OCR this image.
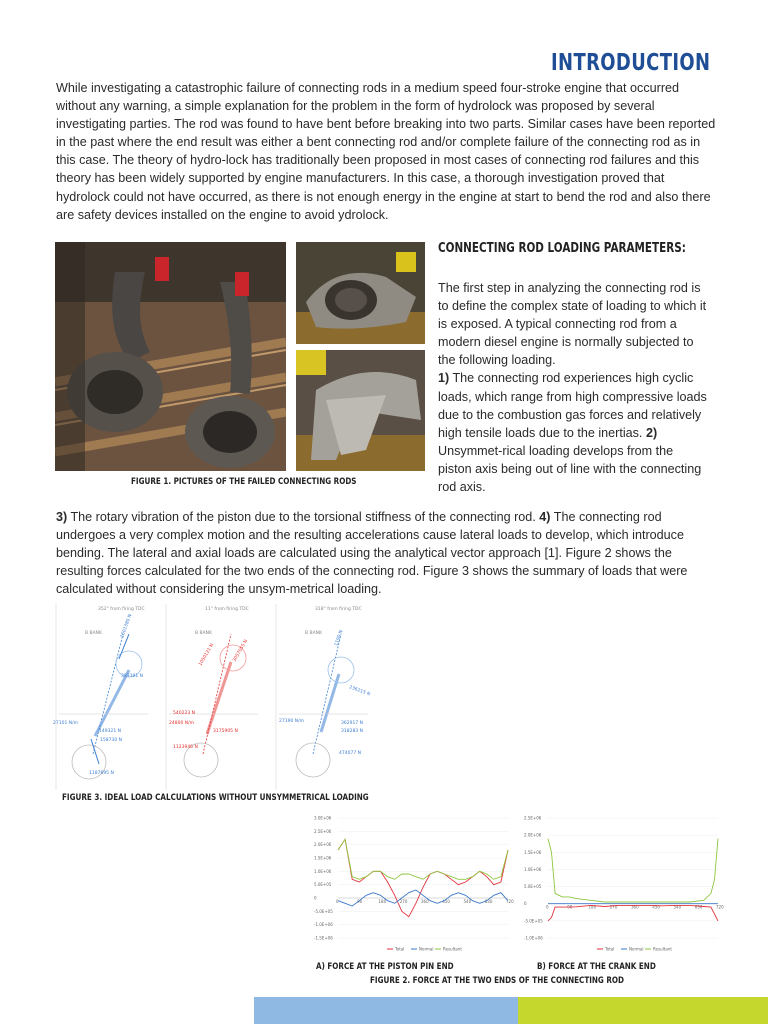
INTRODUCTION

While investigating a catastrophic failure of connecting rods in a medium speed four-stroke engine that occurred without any warning, a simple explanation for the problem in the form of hydrolock was proposed by several investigating parties. The rod was found to have bent before breaking into two parts. Similar cases have been reported in the past where the end result was either a bent connecting rod and/or complete failure of the connecting rod as in this case. The theory of hydro-lock has traditionally been proposed in most cases of connecting rod failures and this theory has been widely supported by engine manufacturers. In this case, a thorough investigation proved that hydrolock could not have occurred, as there is not enough energy in the engine at start to bend the rod and also there are safety devices installed on the engine to avoid ydrolock.

FIGURE 1. PICTURES OF THE FAILED CONNECTING RODS
CONNECTING ROD LOADING PARAMETERS:

The first step in analyzing the connecting rod is to define the complex state of loading to which it is exposed. A typical connecting rod from a modern diesel engine is normally subjected to the following loading.
1) The connecting rod experiences high cyclic loads, which range from high compressive loads due to the combustion gas forces and relatively high tensile loads due to the inertias. 2) Unsymmet-rical loading develops from the piston axis being out of line with the connecting rod axis.

3) The rotary vibration of the piston due to the torsional stiffness of the connecting rod. 4) The connecting rod undergoes a very complex motion and the resulting accelerations cause lateral loads to develop, which introduce bending. The lateral and axial loads are calculated using the analytical vector approach [1]. Figure 2 shows the resulting forces calculated for the two ends of the connecting rod. Figure 3 shows the summary of loads that were calculated without considering the unsym-metrical loading.

352° from firing TDC
B BANK	1601380 N
383391 N
149321 N
158730 N
27101 N/m
1187695 N
11° from firing TDC
B BANK
1050121 N	3057055 N
540223 N
3175905 N
24800 N/m
1123946 N
318° from firing TDC
B BANK	1190 N
236215 N
362917 N
318283 N
27190 N/m
474077 N
FIGURE 3. IDEAL LOAD CALCULATIONS WITHOUT UNSYMMETRICAL LOADING
3.0E+06
2.5E+06
2.0E+06
1.5E+06
1.0E+06
5.0E+05
0
-5.0E+05
-1.0E+06
-1.5E+06
0	90	180	270	360	450	540	630	720
Total	Normal Resultant
2.5E+06
2.0E+06
1.5E+06
1.0E+06
5.0E+05
0
-5.0E+05
-1.0E+06
0	90	180	270	360	450	540	630	720
Total	Normal Resultant
A) FORCE AT THE PISTON PIN END	B) FORCE AT THE CRANK END
FIGURE 2. FORCE AT THE TWO ENDS OF THE CONNECTING ROD
